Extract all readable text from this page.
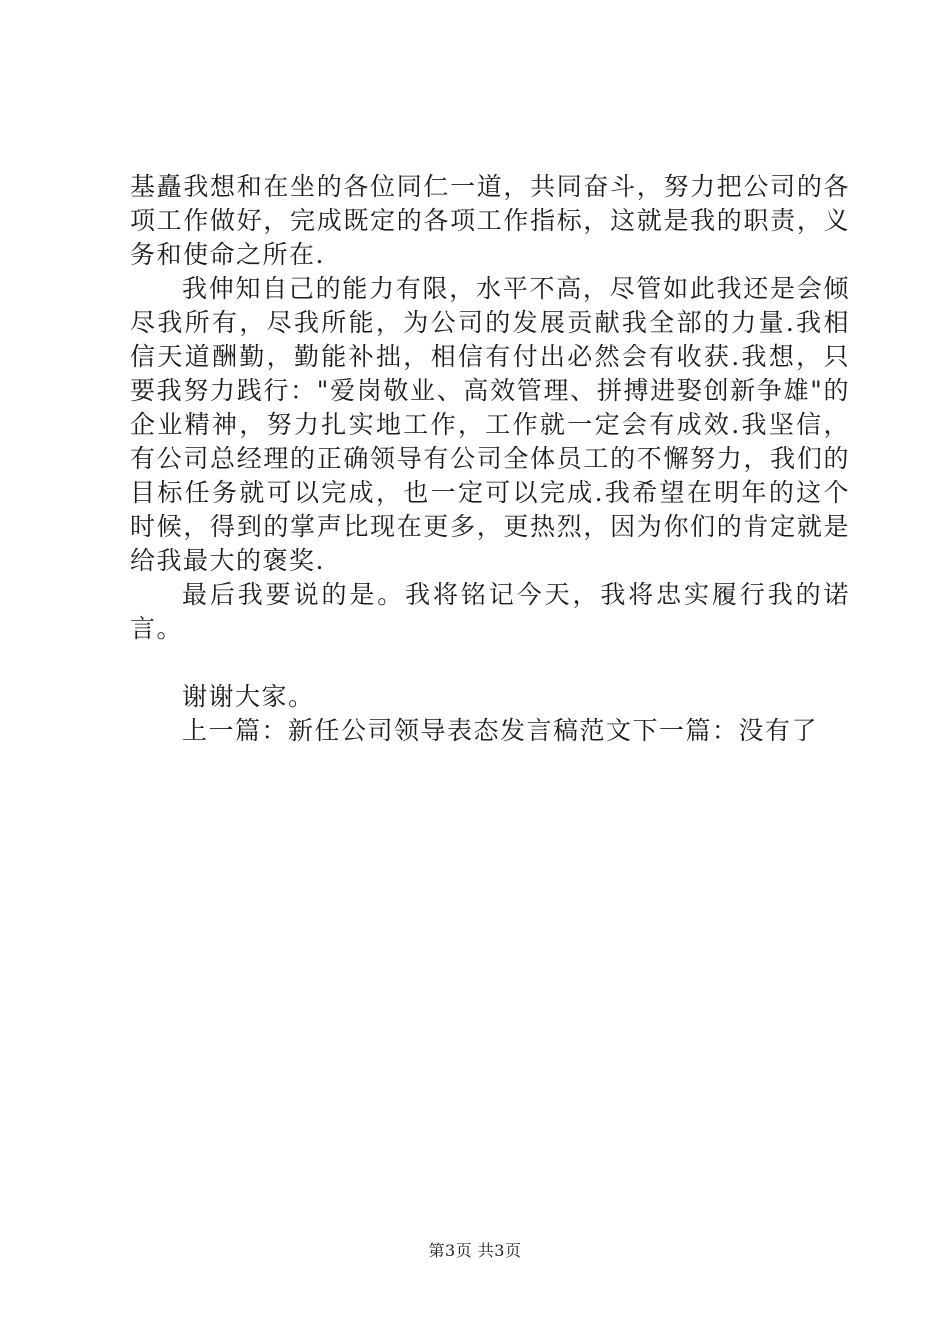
基矗我想和在坐的各位同仁一道，共同奋斗，努力把公司的各项工作做好，完成既定的各项工作指标，这就是我的职责，义务和使命之所在.

我伸知自己的能力有限，水平不高，尽管如此我还是会倾尽我所有，尽我所能，为公司的发展贡献我全部的力量.我相信天道酬勤，勤能补拙，相信有付出必然会有收获.我想，只要我努力践行："爱岗敬业、高效管理、拼搏进娶创新争雄"的企业精神，努力扎实地工作，工作就一定会有成效.我坚信，有公司总经理的正确领导有公司全体员工的不懈努力，我们的目标任务就可以完成，也一定可以完成.我希望在明年的这个时候，得到的掌声比现在更多，更热烈，因为你们的肯定就是给我最大的褒奖.

最后我要说的是。我将铭记今天，我将忠实履行我的诺言。

谢谢大家。

上一篇：新任公司领导表态发言稿范文下一篇：没有了

第3页 共3页
